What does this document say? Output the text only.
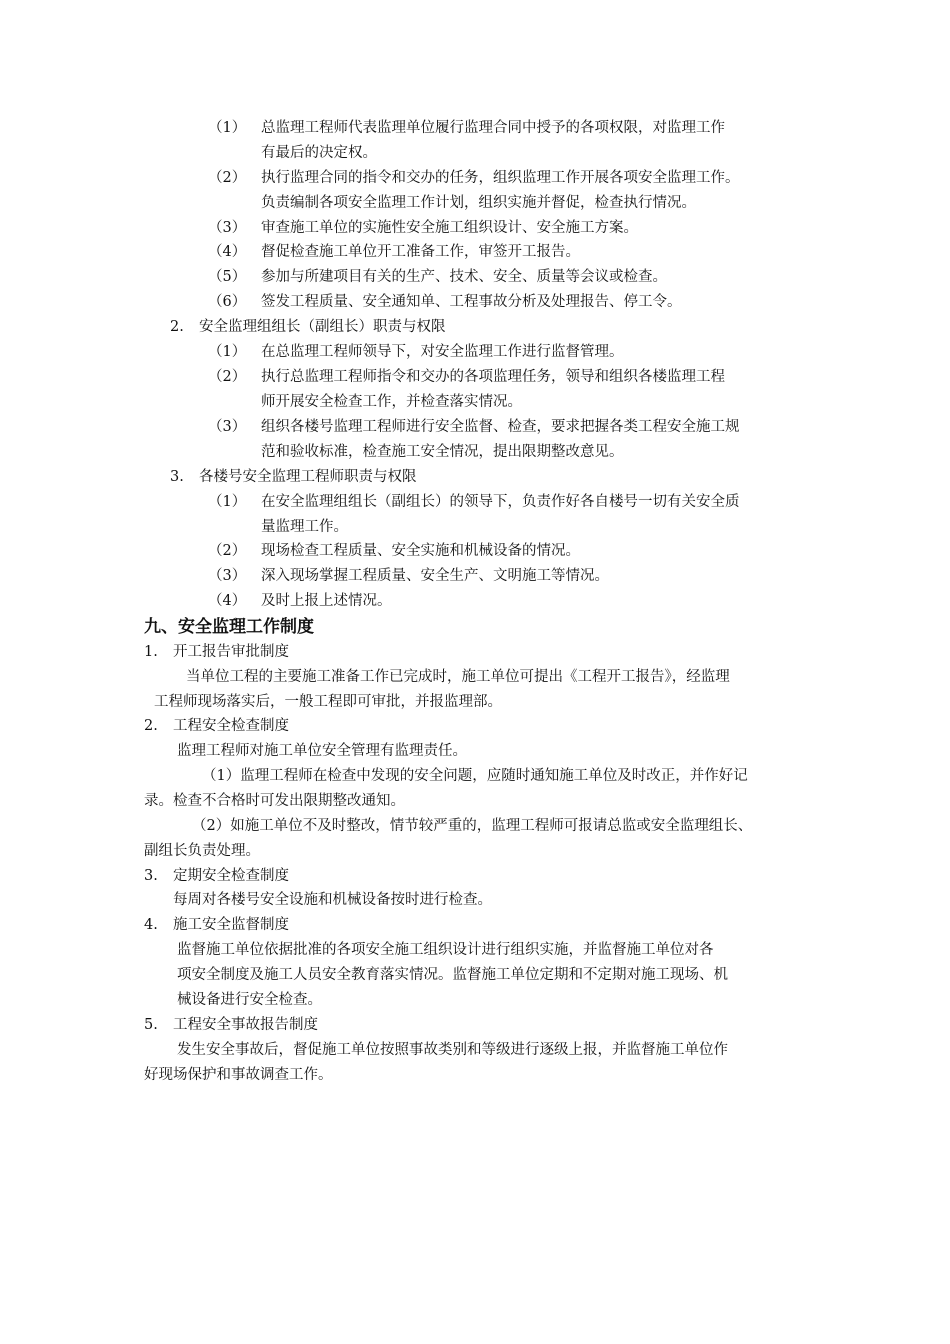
（1） 总监理工程师代表监理单位履行监理合同中授予的各项权限，对监理工作
有最后的决定权。
（2） 执行监理合同的指令和交办的任务，组织监理工作开展各项安全监理工作。
负责编制各项安全监理工作计划，组织实施并督促，检查执行情况。
（3） 审查施工单位的实施性安全施工组织设计、安全施工方案。
（4） 督促检查施工单位开工准备工作，审签开工报告。
（5） 参加与所建项目有关的生产、技术、安全、质量等会议或检查。
（6） 签发工程质量、安全通知单、工程事故分析及处理报告、停工令。
2. 安全监理组组长（副组长）职责与权限
（1） 在总监理工程师领导下，对安全监理工作进行监督管理。
（2） 执行总监理工程师指令和交办的各项监理任务，领导和组织各楼监理工程
师开展安全检查工作，并检查落实情况。
（3） 组织各楼号监理工程师进行安全监督、检查，要求把握各类工程安全施工规
范和验收标准，检查施工安全情况，提出限期整改意见。
3. 各楼号安全监理工程师职责与权限
（1） 在安全监理组组长（副组长）的领导下，负责作好各自楼号一切有关安全质
量监理工作。
（2） 现场检查工程质量、安全实施和机械设备的情况。
（3） 深入现场掌握工程质量、安全生产、文明施工等情况。
（4） 及时上报上述情况。
九、安全监理工作制度
1. 开工报告审批制度
当单位工程的主要施工准备工作已完成时，施工单位可提出《工程开工报告》，经监理
工程师现场落实后，一般工程即可审批，并报监理部。
2. 工程安全检查制度
监理工程师对施工单位安全管理有监理责任。
（1）监理工程师在检查中发现的安全问题，应随时通知施工单位及时改正，并作好记
录。检查不合格时可发出限期整改通知。
（2）如施工单位不及时整改，情节较严重的，监理工程师可报请总监或安全监理组长、
副组长负责处理。
3. 定期安全检查制度
每周对各楼号安全设施和机械设备按时进行检查。
4. 施工安全监督制度
监督施工单位依据批准的各项安全施工组织设计进行组织实施，并监督施工单位对各
项安全制度及施工人员安全教育落实情况。监督施工单位定期和不定期对施工现场、机
械设备进行安全检查。
5. 工程安全事故报告制度
发生安全事故后，督促施工单位按照事故类别和等级进行逐级上报，并监督施工单位作
好现场保护和事故调查工作。
